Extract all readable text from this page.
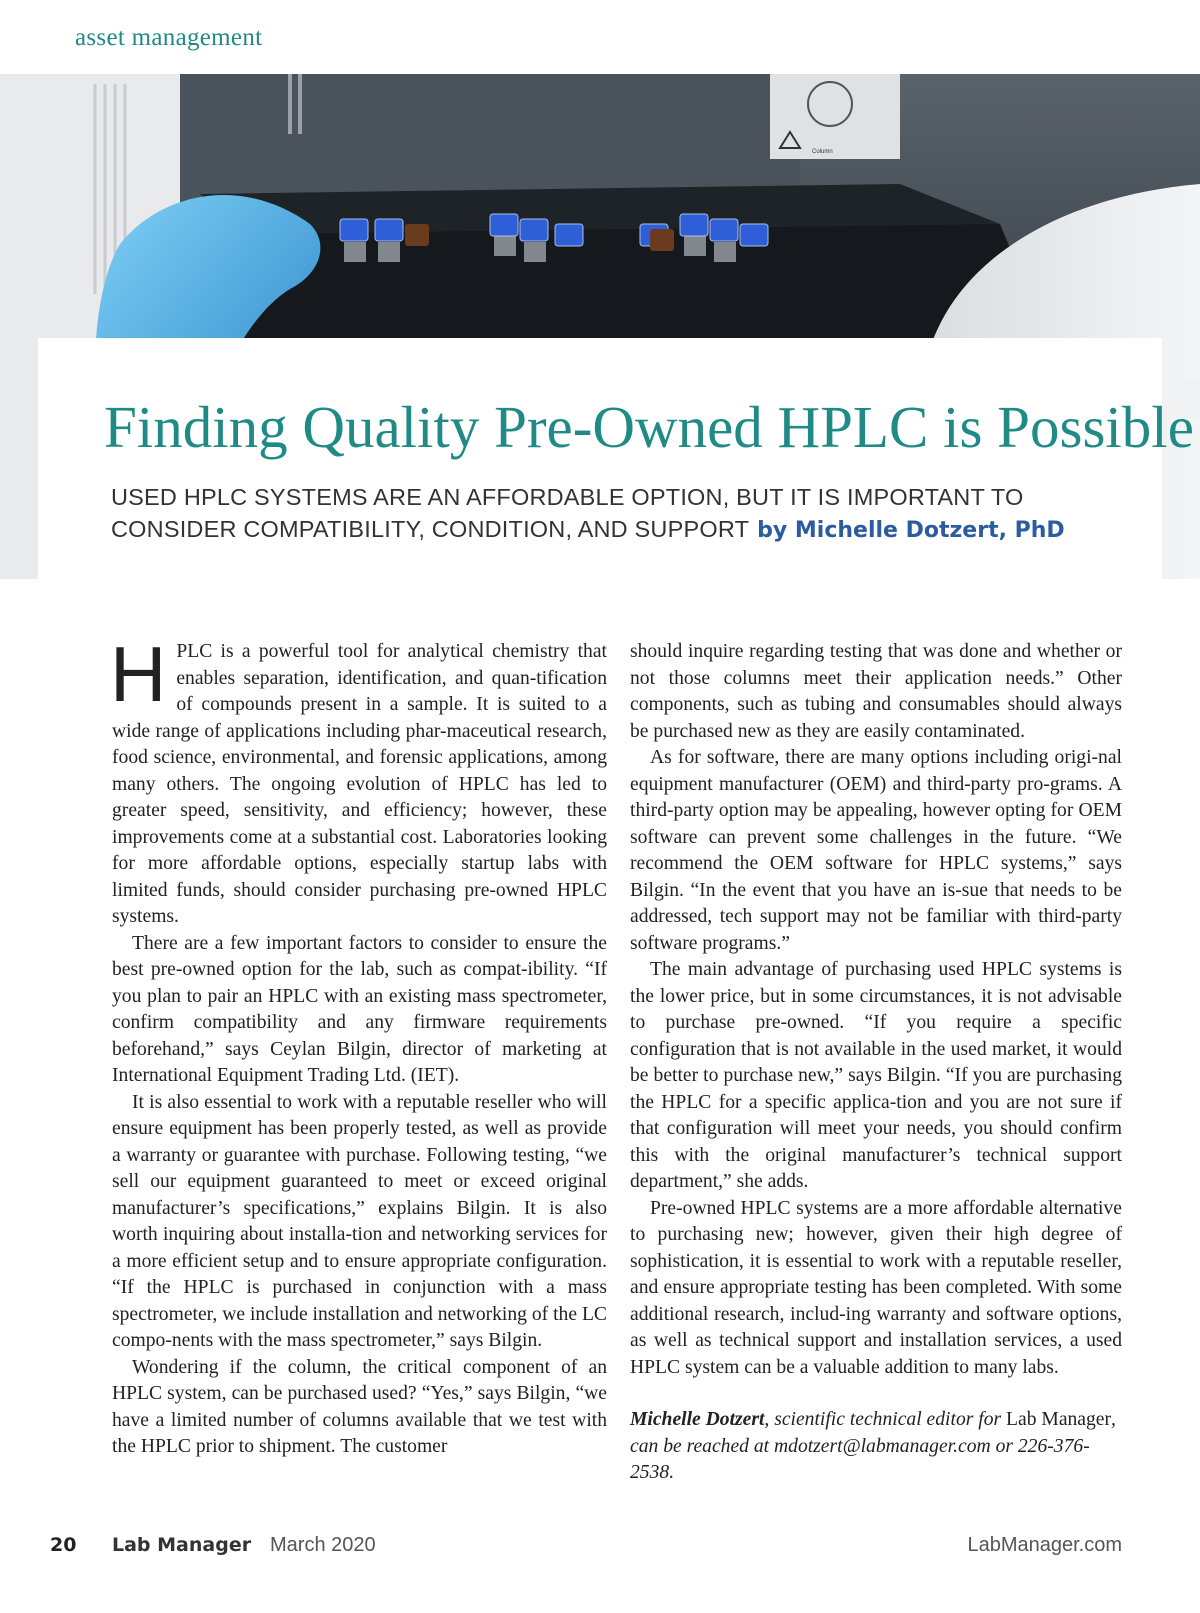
asset management
Column
Finding Quality Pre-Owned HPLC is Possible
USED HPLC SYSTEMS ARE AN AFFORDABLE OPTION, BUT IT IS IMPORTANT TO CONSIDER COMPATIBILITY, CONDITION, AND SUPPORT by Michelle Dotzert, PhD

HPLC is a powerful tool for analytical chemistry that enables separation, identification, and quan-tification of compounds present in a sample. It is suited to a wide range of applications including phar-maceutical research, food science, environmental, and forensic applications, among many others. The ongoing evolution of HPLC has led to greater speed, sensitivity, and efficiency; however, these improvements come at a substantial cost. Laboratories looking for more affordable options, especially startup labs with limited funds, should consider purchasing pre-owned HPLC systems.

There are a few important factors to consider to ensure the best pre-owned option for the lab, such as compat-ibility. “If you plan to pair an HPLC with an existing mass spectrometer, confirm compatibility and any firmware requirements beforehand,” says Ceylan Bilgin, director of marketing at International Equipment Trading Ltd. (IET).

It is also essential to work with a reputable reseller who will ensure equipment has been properly tested, as well as provide a warranty or guarantee with purchase. Following testing, “we sell our equipment guaranteed to meet or exceed original manufacturer’s specifications,” explains Bilgin. It is also worth inquiring about installa-tion and networking services for a more efficient setup and to ensure appropriate configuration. “If the HPLC is purchased in conjunction with a mass spectrometer, we include installation and networking of the LC compo-nents with the mass spectrometer,” says Bilgin.

Wondering if the column, the critical component of an HPLC system, can be purchased used? “Yes,” says Bilgin, “we have a limited number of columns available that we test with the HPLC prior to shipment. The customer

should inquire regarding testing that was done and whether or not those columns meet their application needs.” Other components, such as tubing and consumables should always be purchased new as they are easily contaminated.

As for software, there are many options including origi-nal equipment manufacturer (OEM) and third-party pro-grams. A third-party option may be appealing, however opting for OEM software can prevent some challenges in the future. “We recommend the OEM software for HPLC systems,” says Bilgin. “In the event that you have an is-sue that needs to be addressed, tech support may not be familiar with third-party software programs.”

The main advantage of purchasing used HPLC systems is the lower price, but in some circumstances, it is not advisable to purchase pre-owned. “If you require a specific configuration that is not available in the used market, it would be better to purchase new,” says Bilgin. “If you are purchasing the HPLC for a specific applica-tion and you are not sure if that configuration will meet your needs, you should confirm this with the original manufacturer’s technical support department,” she adds.

Pre-owned HPLC systems are a more affordable alternative to purchasing new; however, given their high degree of sophistication, it is essential to work with a reputable reseller, and ensure appropriate testing has been completed. With some additional research, includ-ing warranty and software options, as well as technical support and installation services, a used HPLC system can be a valuable addition to many labs.

Michelle Dotzert, scientific technical editor for Lab Manager, can be reached at mdotzert@labmanager.com or 226-376-2538.

20 Lab Manager March 2020	LabManager.com
